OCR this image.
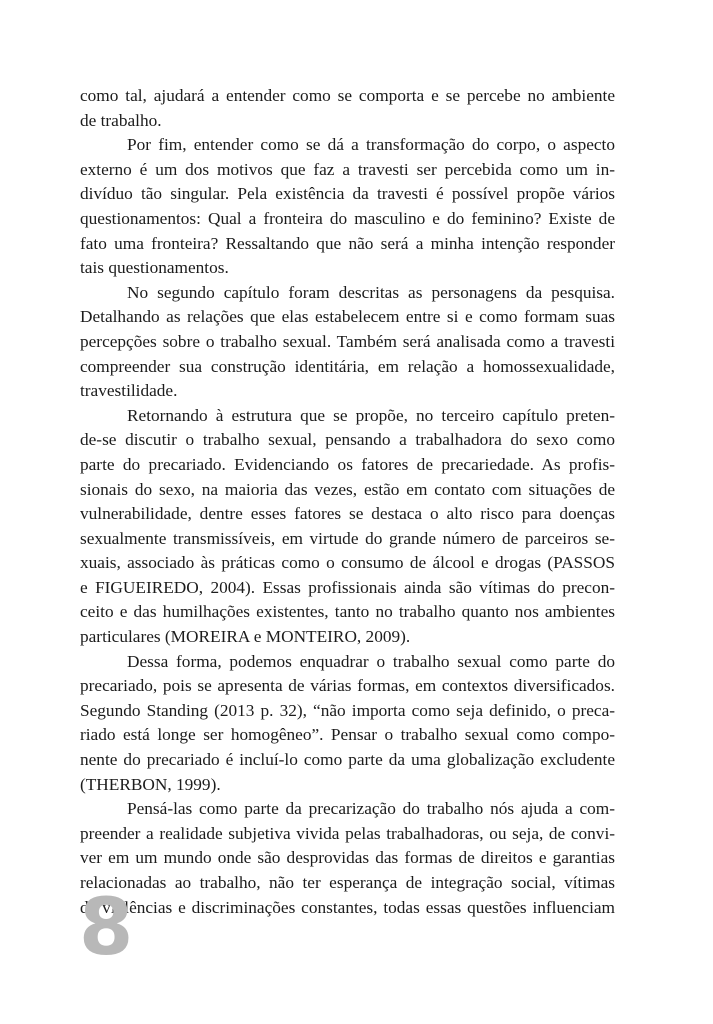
como tal, ajudará a entender como se comporta e se percebe no ambiente
de trabalho.
Por fim, entender como se dá a transformação do corpo, o aspecto
externo é um dos motivos que faz a travesti ser percebida como um in-
divíduo tão singular. Pela existência da travesti é possível propõe vários
questionamentos: Qual a fronteira do masculino e do feminino? Existe de
fato uma fronteira? Ressaltando que não será a minha intenção responder
tais questionamentos.
No segundo capítulo foram descritas as personagens da pesquisa.
Detalhando as relações que elas estabelecem entre si e como formam suas
percepções sobre o trabalho sexual. Também será analisada como a travesti
compreender sua construção identitária, em relação a homossexualidade,
travestilidade.
Retornando à estrutura que se propõe, no terceiro capítulo preten-
de-se discutir o trabalho sexual, pensando a trabalhadora do sexo como
parte do precariado. Evidenciando os fatores de precariedade. As profis-
sionais do sexo, na maioria das vezes, estão em contato com situações de
vulnerabilidade, dentre esses fatores se destaca o alto risco para doenças
sexualmente transmissíveis, em virtude do grande número de parceiros se-
xuais, associado às práticas como o consumo de álcool e drogas (PASSOS
e FIGUEIREDO, 2004). Essas profissionais ainda são vítimas do precon-
ceito e das humilhações existentes, tanto no trabalho quanto nos ambientes
particulares (MOREIRA e MONTEIRO, 2009).
Dessa forma, podemos enquadrar o trabalho sexual como parte do
precariado, pois se apresenta de várias formas, em contextos diversificados.
Segundo Standing (2013 p. 32), “não importa como seja definido, o preca-
riado está longe ser homogêneo”. Pensar o trabalho sexual como compo-
nente do precariado é incluí-lo como parte da uma globalização excludente
(THERBON, 1999).
Pensá-las como parte da precarização do trabalho nós ajuda a com-
preender a realidade subjetiva vivida pelas trabalhadoras, ou seja, de convi-
ver em um mundo onde são desprovidas das formas de direitos e garantias
relacionadas ao trabalho, não ter esperança de integração social, vítimas
de violências e discriminações constantes, todas essas questões influenciam
8
